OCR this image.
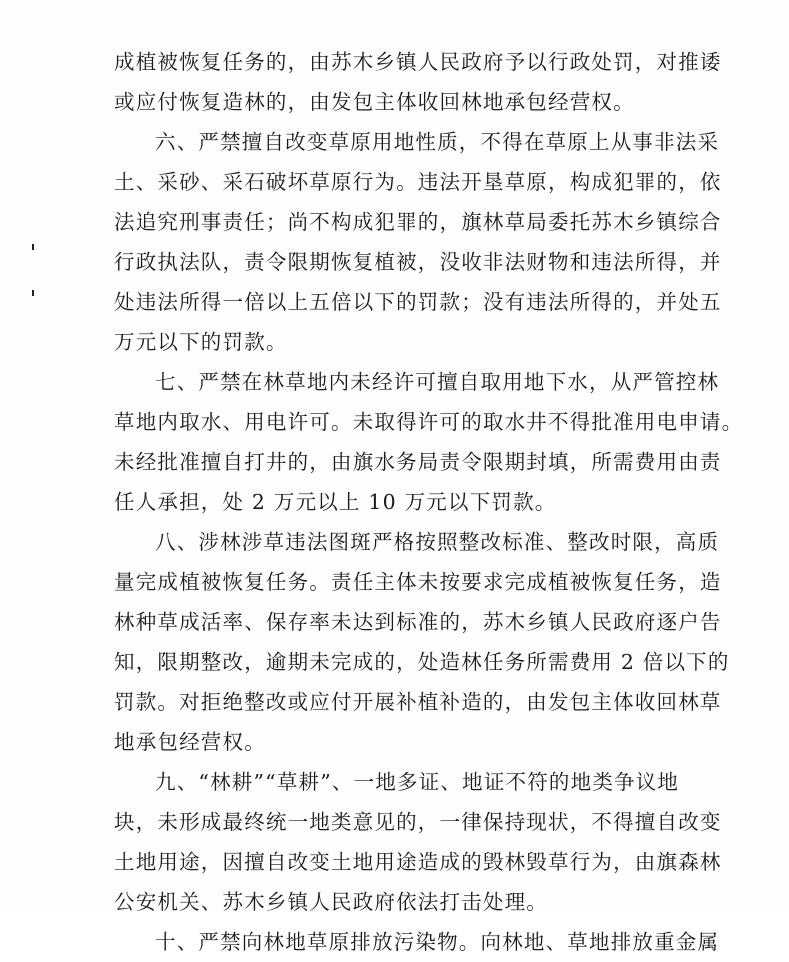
成植被恢复任务的，由苏木乡镇人民政府予以行政处罚，对推诿
或应付恢复造林的，由发包主体收回林地承包经营权。
六、严禁擅自改变草原用地性质，不得在草原上从事非法采
土、采砂、采石破坏草原行为。违法开垦草原，构成犯罪的，依
法追究刑事责任；尚不构成犯罪的，旗林草局委托苏木乡镇综合
行政执法队，责令限期恢复植被，没收非法财物和违法所得，并
处违法所得一倍以上五倍以下的罚款；没有违法所得的，并处五
万元以下的罚款。
七、严禁在林草地内未经许可擅自取用地下水，从严管控林
草地内取水、用电许可。未取得许可的取水井不得批准用电申请。
未经批准擅自打井的，由旗水务局责令限期封填，所需费用由责
任人承担，处 2 万元以上 10 万元以下罚款。
八、涉林涉草违法图斑严格按照整改标准、整改时限，高质
量完成植被恢复任务。责任主体未按要求完成植被恢复任务，造
林种草成活率、保存率未达到标准的，苏木乡镇人民政府逐户告
知，限期整改，逾期未完成的，处造林任务所需费用 2 倍以下的
罚款。对拒绝整改或应付开展补植补造的，由发包主体收回林草
地承包经营权。
九、“林耕”“草耕”、一地多证、地证不符的地类争议地
块，未形成最终统一地类意见的，一律保持现状，不得擅自改变
土地用途，因擅自改变土地用途造成的毁林毁草行为，由旗森林
公安机关、苏木乡镇人民政府依法打击处理。
十、严禁向林地草原排放污染物。向林地、草地排放重金属
